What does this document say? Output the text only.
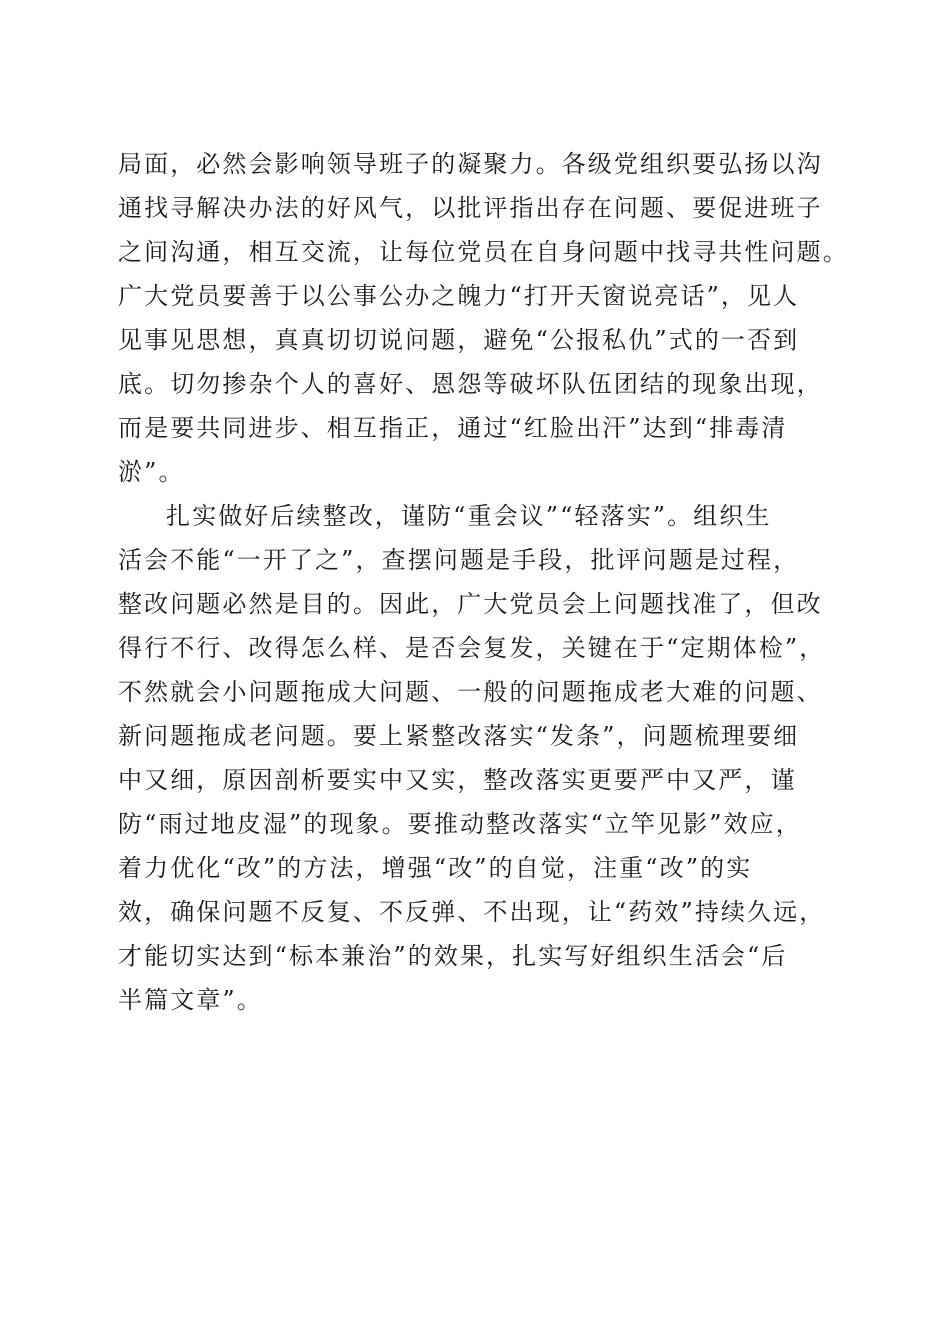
局面，必然会影响领导班子的凝聚力。各级党组织要弘扬以沟
通找寻解决办法的好风气，以批评指出存在问题、要促进班子
之间沟通，相互交流，让每位党员在自身问题中找寻共性问题。
广大党员要善于以公事公办之魄力“打开天窗说亮话”，见人
见事见思想，真真切切说问题，避免“公报私仇”式的一否到
底。切勿掺杂个人的喜好、恩怨等破坏队伍团结的现象出现，
而是要共同进步、相互指正，通过“红脸出汗”达到“排毒清
淤”。
扎实做好后续整改，谨防“重会议”“轻落实”。组织生
活会不能“一开了之”，查摆问题是手段，批评问题是过程，
整改问题必然是目的。因此，广大党员会上问题找准了，但改
得行不行、改得怎么样、是否会复发，关键在于“定期体检”，
不然就会小问题拖成大问题、一般的问题拖成老大难的问题、
新问题拖成老问题。要上紧整改落实“发条”，问题梳理要细
中又细，原因剖析要实中又实，整改落实更要严中又严，谨
防“雨过地皮湿”的现象。要推动整改落实“立竿见影”效应，
着力优化“改”的方法，增强“改”的自觉，注重“改”的实
效，确保问题不反复、不反弹、不出现，让“药效”持续久远，
才能切实达到“标本兼治”的效果，扎实写好组织生活会“后
半篇文章”。
